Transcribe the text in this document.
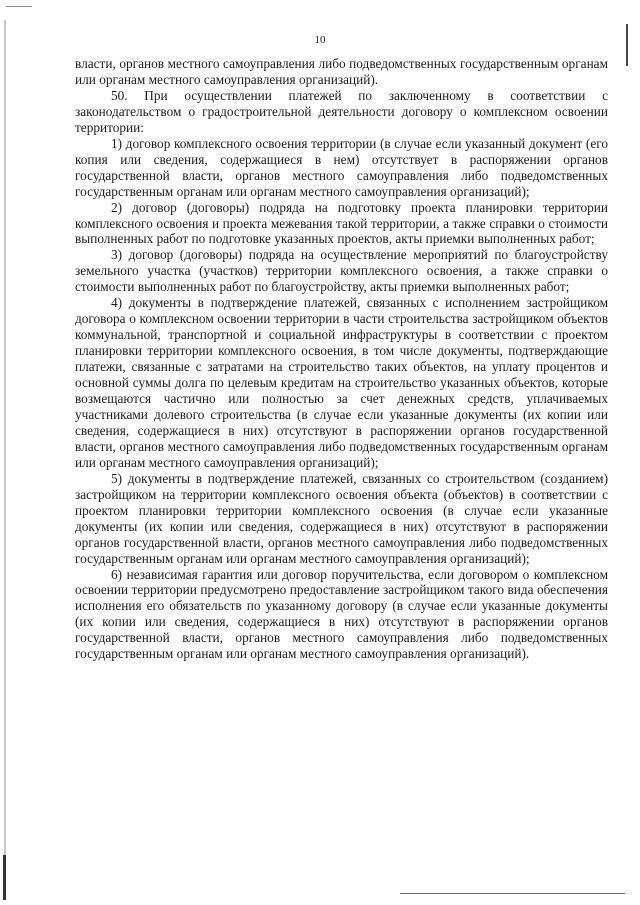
10

власти, органов местного самоуправления либо подведомственных государственным органам или органам местного самоуправления организаций).

50. При осуществлении платежей по заключенному в соответствии с законодательством о градостроительной деятельности договору о комплексном освоении территории:

1) договор комплексного освоения территории (в случае если указанный документ (его копия или сведения, содержащиеся в нем) отсутствует в распоряжении органов государственной власти, органов местного самоуправления либо подведомственных государственным органам или органам местного самоуправления организаций);

2) договор (договоры) подряда на подготовку проекта планировки территории комплексного освоения и проекта межевания такой территории, а также справки о стоимости выполненных работ по подготовке указанных проектов, акты приемки выполненных работ;

3) договор (договоры) подряда на осуществление мероприятий по благоустройству земельного участка (участков) территории комплексного освоения, а также справки о стоимости выполненных работ по благоустройству, акты приемки выполненных работ;

4) документы в подтверждение платежей, связанных с исполнением застройщиком договора о комплексном освоении территории в части строительства застройщиком объектов коммунальной, транспортной и социальной инфраструктуры в соответствии с проектом планировки территории комплексного освоения, в том числе документы, подтверждающие платежи, связанные с затратами на строительство таких объектов, на уплату процентов и основной суммы долга по целевым кредитам на строительство указанных объектов, которые возмещаются частично или полностью за счет денежных средств, уплачиваемых участниками долевого строительства (в случае если указанные документы (их копии или сведения, содержащиеся в них) отсутствуют в распоряжении органов государственной власти, органов местного самоуправления либо подведомственных государственным органам или органам местного самоуправления организаций);

5) документы в подтверждение платежей, связанных со строительством (созданием) застройщиком на территории комплексного освоения объекта (объектов) в соответствии с проектом планировки территории комплексного освоения (в случае если указанные документы (их копии или сведения, содержащиеся в них) отсутствуют в распоряжении органов государственной власти, органов местного самоуправления либо подведомственных государственным органам или органам местного самоуправления организаций);

6) независимая гарантия или договор поручительства, если договором о комплексном освоении территории предусмотрено предоставление застройщиком такого вида обеспечения исполнения его обязательств по указанному договору (в случае если указанные документы (их копии или сведения, содержащиеся в них) отсутствуют в распоряжении органов государственной власти, органов местного самоуправления либо подведомственных государственным органам или органам местного самоуправления организаций).
